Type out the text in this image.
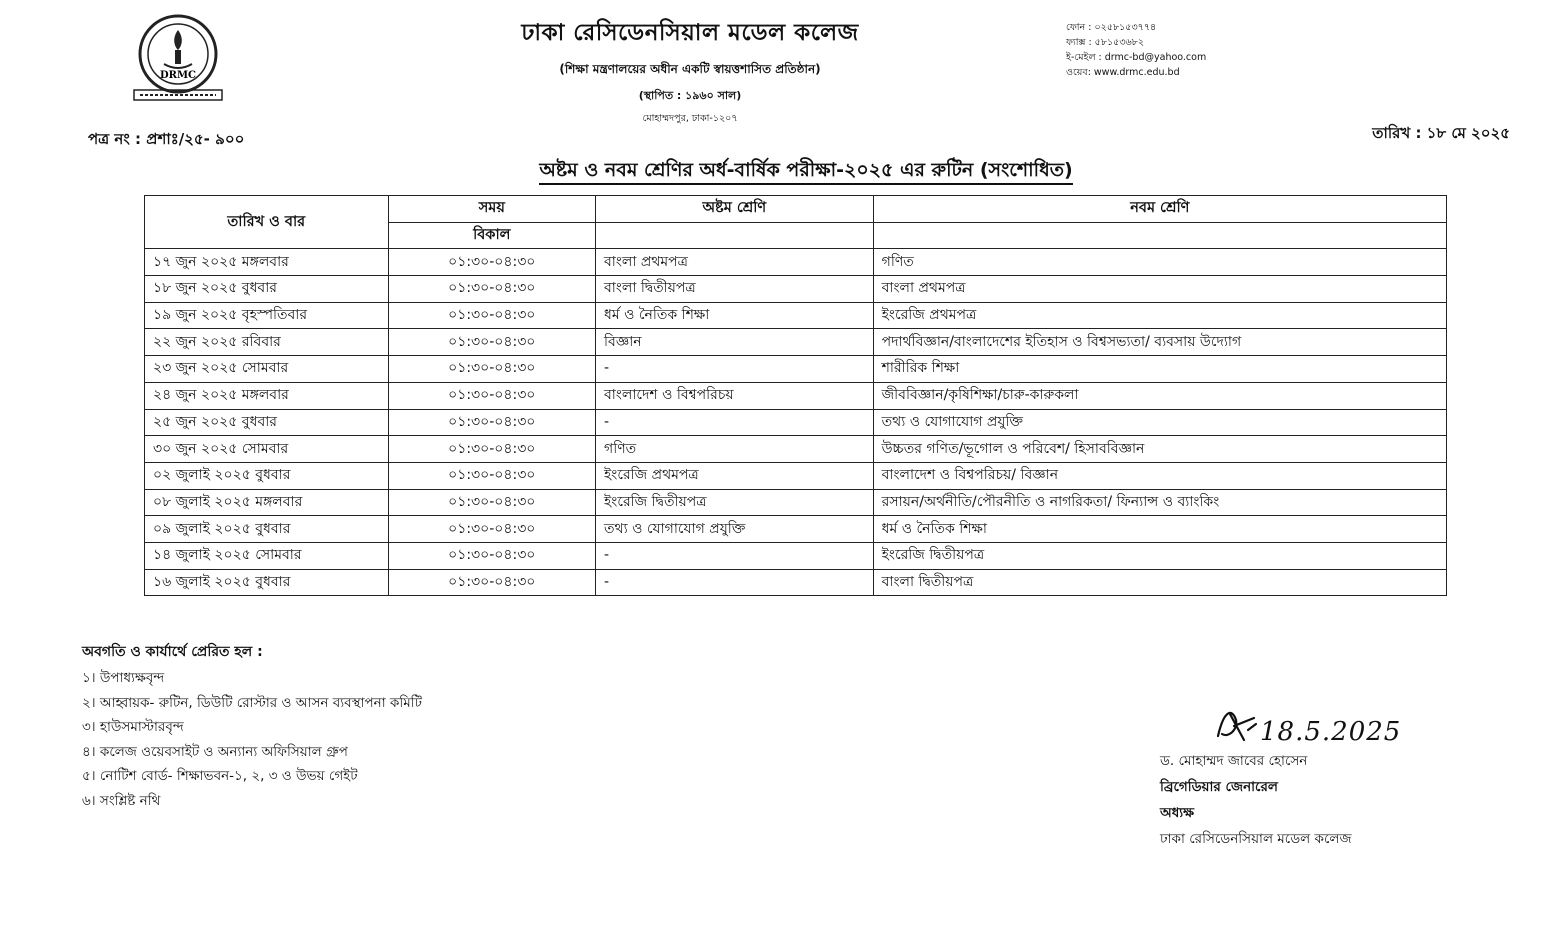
DRMC
ঢাকা রেসিডেনসিয়াল মডেল কলেজ
(শিক্ষা মন্ত্রণালয়ের অধীন একটি স্বায়ত্তশাসিত প্রতিষ্ঠান)
(স্থাপিত : ১৯৬০ সাল)
মোহাম্মদপুর, ঢাকা-১২০৭
ফোন : ০২৫৮১৫৩৭৭৪
ফ্যাক্স : ৫৮১৫৩৬৮২
ই-মেইল : drmc-bd@yahoo.com
ওয়েব: www.drmc.edu.bd
পত্র নং : প্রশাঃ/২৫- ৯০০	তারিখ : ১৮ মে ২০২৫
অষ্টম ও নবম শ্রেণির অর্ধ-বার্ষিক পরীক্ষা-২০২৫ এর রুটিন (সংশোধিত)
তারিখ ও বার	সময়	অষ্টম শ্রেণি	নবম শ্রেণি
	বিকাল		
১৭ জুন ২০২৫ মঙ্গলবার	০১:৩০-০৪:৩০	বাংলা প্রথমপত্র	গণিত
১৮ জুন ২০২৫ বুধবার	০১:৩০-০৪:৩০	বাংলা দ্বিতীয়পত্র	বাংলা প্রথমপত্র
১৯ জুন ২০২৫ বৃহস্পতিবার	০১:৩০-০৪:৩০	ধর্ম ও নৈতিক শিক্ষা	ইংরেজি প্রথমপত্র
২২ জুন ২০২৫ রবিবার	০১:৩০-০৪:৩০	বিজ্ঞান	পদার্থবিজ্ঞান/বাংলাদেশের ইতিহাস ও বিশ্বসভ্যতা/ ব্যবসায় উদ্যোগ
২৩ জুন ২০২৫ সোমবার	০১:৩০-০৪:৩০	-	শারীরিক শিক্ষা
২৪ জুন ২০২৫ মঙ্গলবার	০১:৩০-০৪:৩০	বাংলাদেশ ও বিশ্বপরিচয়	জীববিজ্ঞান/কৃষিশিক্ষা/চারু-কারুকলা
২৫ জুন ২০২৫ বুধবার	০১:৩০-০৪:৩০	-	তথ্য ও যোগাযোগ প্রযুক্তি
৩০ জুন ২০২৫ সোমবার	০১:৩০-০৪:৩০	গণিত	উচ্চতর গণিত/ভূগোল ও পরিবেশ/ হিসাববিজ্ঞান
০২ জুলাই ২০২৫ বুধবার	০১:৩০-০৪:৩০	ইংরেজি প্রথমপত্র	বাংলাদেশ ও বিশ্বপরিচয়/ বিজ্ঞান
০৮ জুলাই ২০২৫ মঙ্গলবার	০১:৩০-০৪:৩০	ইংরেজি দ্বিতীয়পত্র	রসায়ন/অর্থনীতি/পৌরনীতি ও নাগরিকতা/ ফিন্যান্স ও ব্যাংকিং
০৯ জুলাই ২০২৫ বুধবার	০১:৩০-০৪:৩০	তথ্য ও যোগাযোগ প্রযুক্তি	ধর্ম ও নৈতিক শিক্ষা
১৪ জুলাই ২০২৫ সোমবার	০১:৩০-০৪:৩০	-	ইংরেজি দ্বিতীয়পত্র
১৬ জুলাই ২০২৫ বুধবার	০১:৩০-০৪:৩০	-	বাংলা দ্বিতীয়পত্র
অবগতি ও কার্যার্থে প্রেরিত হল :
১। উপাধ্যক্ষবৃন্দ
২। আহ্বায়ক- রুটিন, ডিউটি রোস্টার ও আসন ব্যবস্থাপনা কমিটি
৩। হাউসমাস্টারবৃন্দ
৪। কলেজ ওয়েবসাইট ও অন্যান্য অফিসিয়াল গ্রুপ
৫। নোটিশ বোর্ড- শিক্ষাভবন-১, ২, ৩ ও উভয় গেইট
৬। সংশ্লিষ্ট নথি
18.5.2025
ড. মোহাম্মদ জাবের হোসেন
ব্রিগেডিয়ার জেনারেল
অধ্যক্ষ
ঢাকা রেসিডেনসিয়াল মডেল কলেজ
